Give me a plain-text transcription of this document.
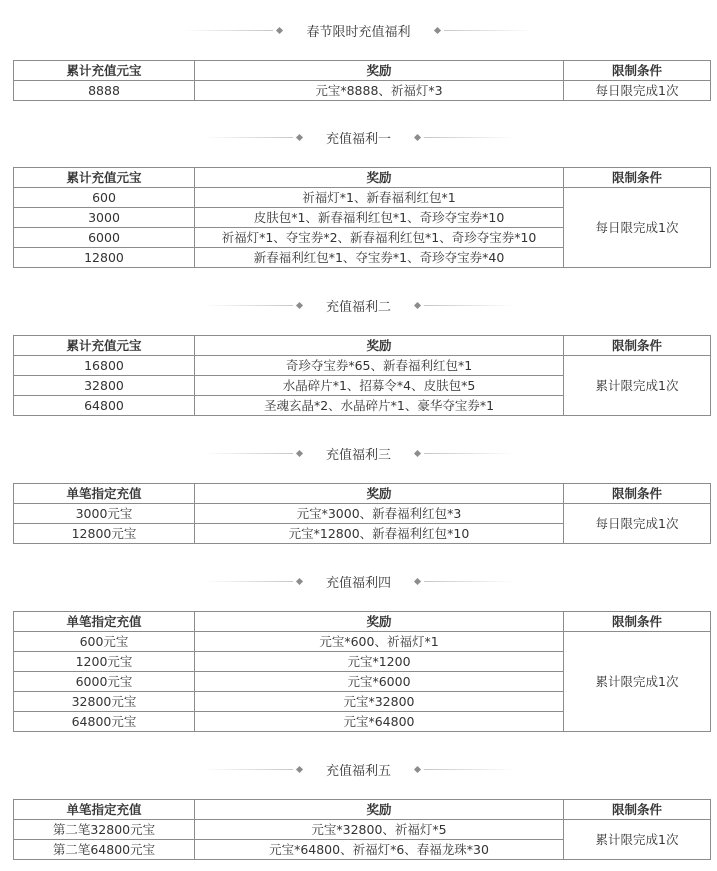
春节限时充值福利
累计充值元宝	奖励	限制条件
8888	元宝*8888、祈福灯*3	每日限完成1次
充值福利一
累计充值元宝	奖励	限制条件
600	祈福灯*1、新春福利红包*1	每日限完成1次
3000	皮肤包*1、新春福利红包*1、奇珍夺宝券*10	
6000	祈福灯*1、夺宝券*2、新春福利红包*1、奇珍夺宝券*10	
12800	新春福利红包*1、夺宝券*1、奇珍夺宝券*40	
充值福利二
累计充值元宝	奖励	限制条件
16800	奇珍夺宝券*65、新春福利红包*1	累计限完成1次
32800	水晶碎片*1、招募令*4、皮肤包*5	
64800	圣魂玄晶*2、水晶碎片*1、豪华夺宝券*1	
充值福利三
单笔指定充值	奖励	限制条件
3000元宝	元宝*3000、新春福利红包*3	每日限完成1次
12800元宝	元宝*12800、新春福利红包*10	
充值福利四
单笔指定充值	奖励	限制条件
600元宝	元宝*600、祈福灯*1	累计限完成1次
1200元宝	元宝*1200	
6000元宝	元宝*6000	
32800元宝	元宝*32800	
64800元宝	元宝*64800	
充值福利五
单笔指定充值	奖励	限制条件
第二笔32800元宝	元宝*32800、祈福灯*5	累计限完成1次
第二笔64800元宝	元宝*64800、祈福灯*6、春福龙珠*30	
